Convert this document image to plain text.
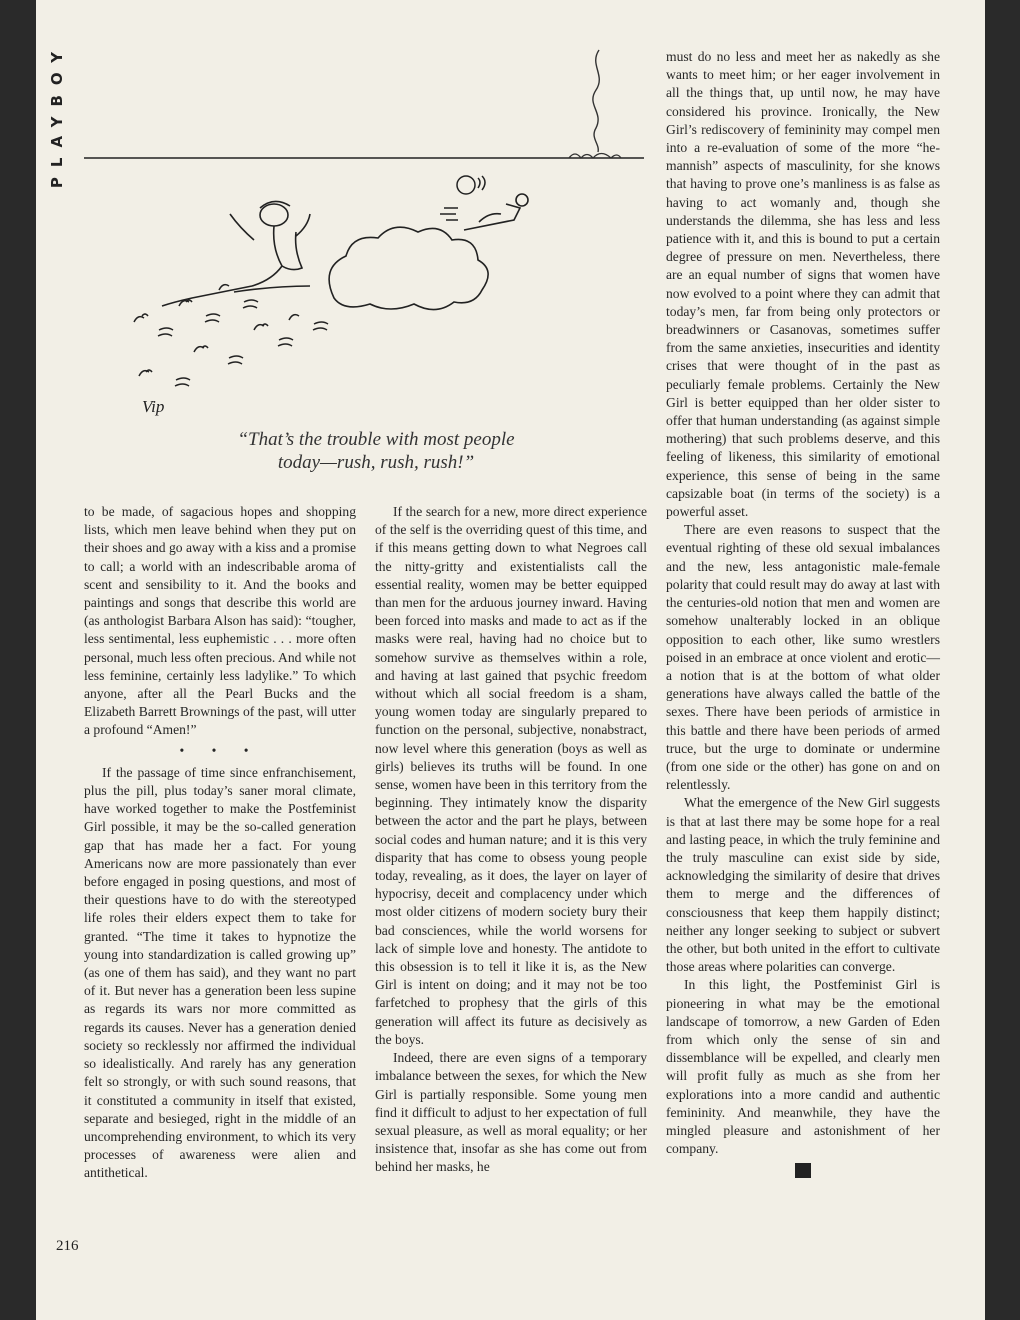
PLAYBOY
216
Vip
“That’s the trouble with most people
today—rush, rush, rush!”

to be made, of sagacious hopes and shopping lists, which men leave behind when they put on their shoes and go away with a kiss and a promise to call; a world with an indescribable aroma of scent and sensibility to it. And the books and paintings and songs that describe this world are (as anthologist Barbara Alson has said): “tougher, less sentimental, less euphemistic . . . more often personal, much less often precious. And while not less feminine, certainly less ladylike.” To which anyone, after all the Pearl Bucks and the Elizabeth Barrett Brownings of the past, will utter a profound “Amen!”

• • •

If the passage of time since enfranchisement, plus the pill, plus today’s saner moral climate, have worked together to make the Postfeminist Girl possible, it may be the so-called generation gap that has made her a fact. For young Americans now are more passionately than ever before engaged in posing questions, and most of their questions have to do with the stereotyped life roles their elders expect them to take for granted. “The time it takes to hypnotize the young into standardization is called growing up” (as one of them has said), and they want no part of it. But never has a generation been less supine as regards its wars nor more committed as regards its causes. Never has a generation denied society so recklessly nor affirmed the individual so idealistically. And rarely has any generation felt so strongly, or with such sound reasons, that it constituted a community in itself that existed, separate and besieged, right in the middle of an uncomprehending environment, to which its very processes of awareness were alien and antithetical.

If the search for a new, more direct experience of the self is the overriding quest of this time, and if this means getting down to what Negroes call the nitty-gritty and existentialists call the essential reality, women may be better equipped than men for the arduous journey inward. Having been forced into masks and made to act as if the masks were real, having had no choice but to somehow survive as themselves within a role, and having at last gained that psychic freedom without which all social freedom is a sham, young women today are singularly prepared to function on the personal, subjective, nonabstract, now level where this generation (boys as well as girls) believes its truths will be found. In one sense, women have been in this territory from the beginning. They intimately know the disparity between the actor and the part he plays, between social codes and human nature; and it is this very disparity that has come to obsess young people today, revealing, as it does, the layer on layer of hypocrisy, deceit and complacency under which most older citizens of modern society bury their bad consciences, while the world worsens for lack of simple love and honesty. The antidote to this obsession is to tell it like it is, as the New Girl is intent on doing; and it may not be too farfetched to prophesy that the girls of this generation will affect its future as decisively as the boys.

Indeed, there are even signs of a temporary imbalance between the sexes, for which the New Girl is partially responsible. Some young men find it difficult to adjust to her expectation of full sexual pleasure, as well as moral equality; or her insistence that, insofar as she has come out from behind her masks, he

must do no less and meet her as nakedly as she wants to meet him; or her eager involvement in all the things that, up until now, he may have considered his province. Ironically, the New Girl’s rediscovery of femininity may compel men into a re-evaluation of some of the more “he-mannish” aspects of masculinity, for she knows that having to prove one’s manliness is as false as having to act womanly and, though she understands the dilemma, she has less and less patience with it, and this is bound to put a certain degree of pressure on men. Nevertheless, there are an equal number of signs that women have now evolved to a point where they can admit that today’s men, far from being only protectors or breadwinners or Casanovas, sometimes suffer from the same anxieties, insecurities and identity crises that were thought of in the past as peculiarly female problems. Certainly the New Girl is better equipped than her older sister to offer that human understanding (as against simple mothering) that such problems deserve, and this feeling of likeness, this similarity of emotional experience, this sense of being in the same capsizable boat (in terms of the society) is a powerful asset.

There are even reasons to suspect that the eventual righting of these old sexual imbalances and the new, less antagonistic male-female polarity that could result may do away at last with the centuries-old notion that men and women are somehow unalterably locked in an oblique opposition to each other, like sumo wrestlers poised in an embrace at once violent and erotic—a notion that is at the bottom of what older generations have always called the battle of the sexes. There have been periods of armistice in this battle and there have been periods of armed truce, but the urge to dominate or undermine (from one side or the other) has gone on and on relentlessly.

What the emergence of the New Girl suggests is that at last there may be some hope for a real and lasting peace, in which the truly feminine and the truly masculine can exist side by side, acknowledging the similarity of desire that drives them to merge and the differences of consciousness that keep them happily distinct; neither any longer seeking to subject or subvert the other, but both united in the effort to cultivate those areas where polarities can converge.

In this light, the Postfeminist Girl is pioneering in what may be the emotional landscape of tomorrow, a new Garden of Eden from which only the sense of sin and dissemblance will be expelled, and clearly men will profit fully as much as she from her explorations into a more candid and authentic femininity. And meanwhile, they have the mingled pleasure and astonishment of her company.
